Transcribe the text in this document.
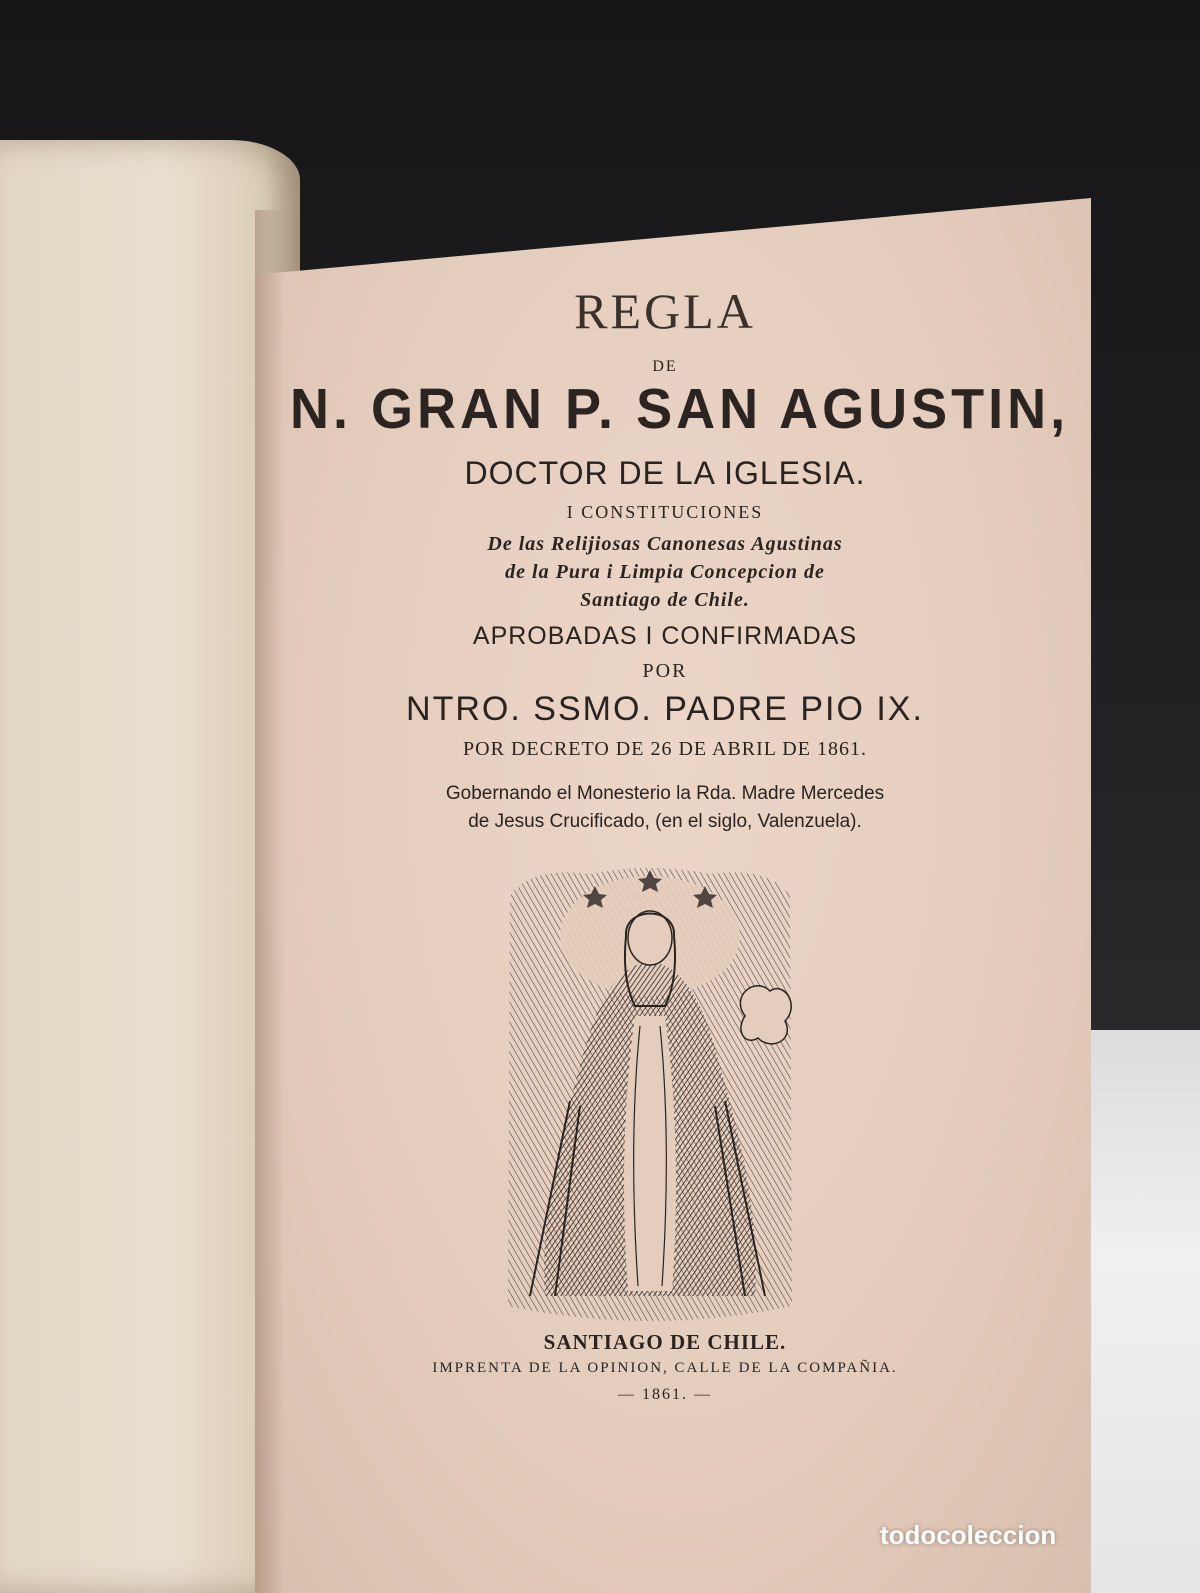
REGLA
DE
N. GRAN P. SAN AGUSTIN,
DOCTOR DE LA IGLESIA.
I CONSTITUCIONES
De las Relijiosas Canonesas Agustinas
de la Pura i Limpia Concepcion de
Santiago de Chile.
APROBADAS I CONFIRMADAS
POR
NTRO. SSMO. PADRE PIO IX.
POR DECRETO DE 26 DE ABRIL DE 1861.
Gobernando el Monesterio la Rda. Madre Mercedes
de Jesus Crucificado, (en el siglo, Valenzuela).
SANTIAGO DE CHILE.
IMPRENTA DE LA OPINION, CALLE DE LA COMPAÑIA.
— 1861. —
todocoleccion
